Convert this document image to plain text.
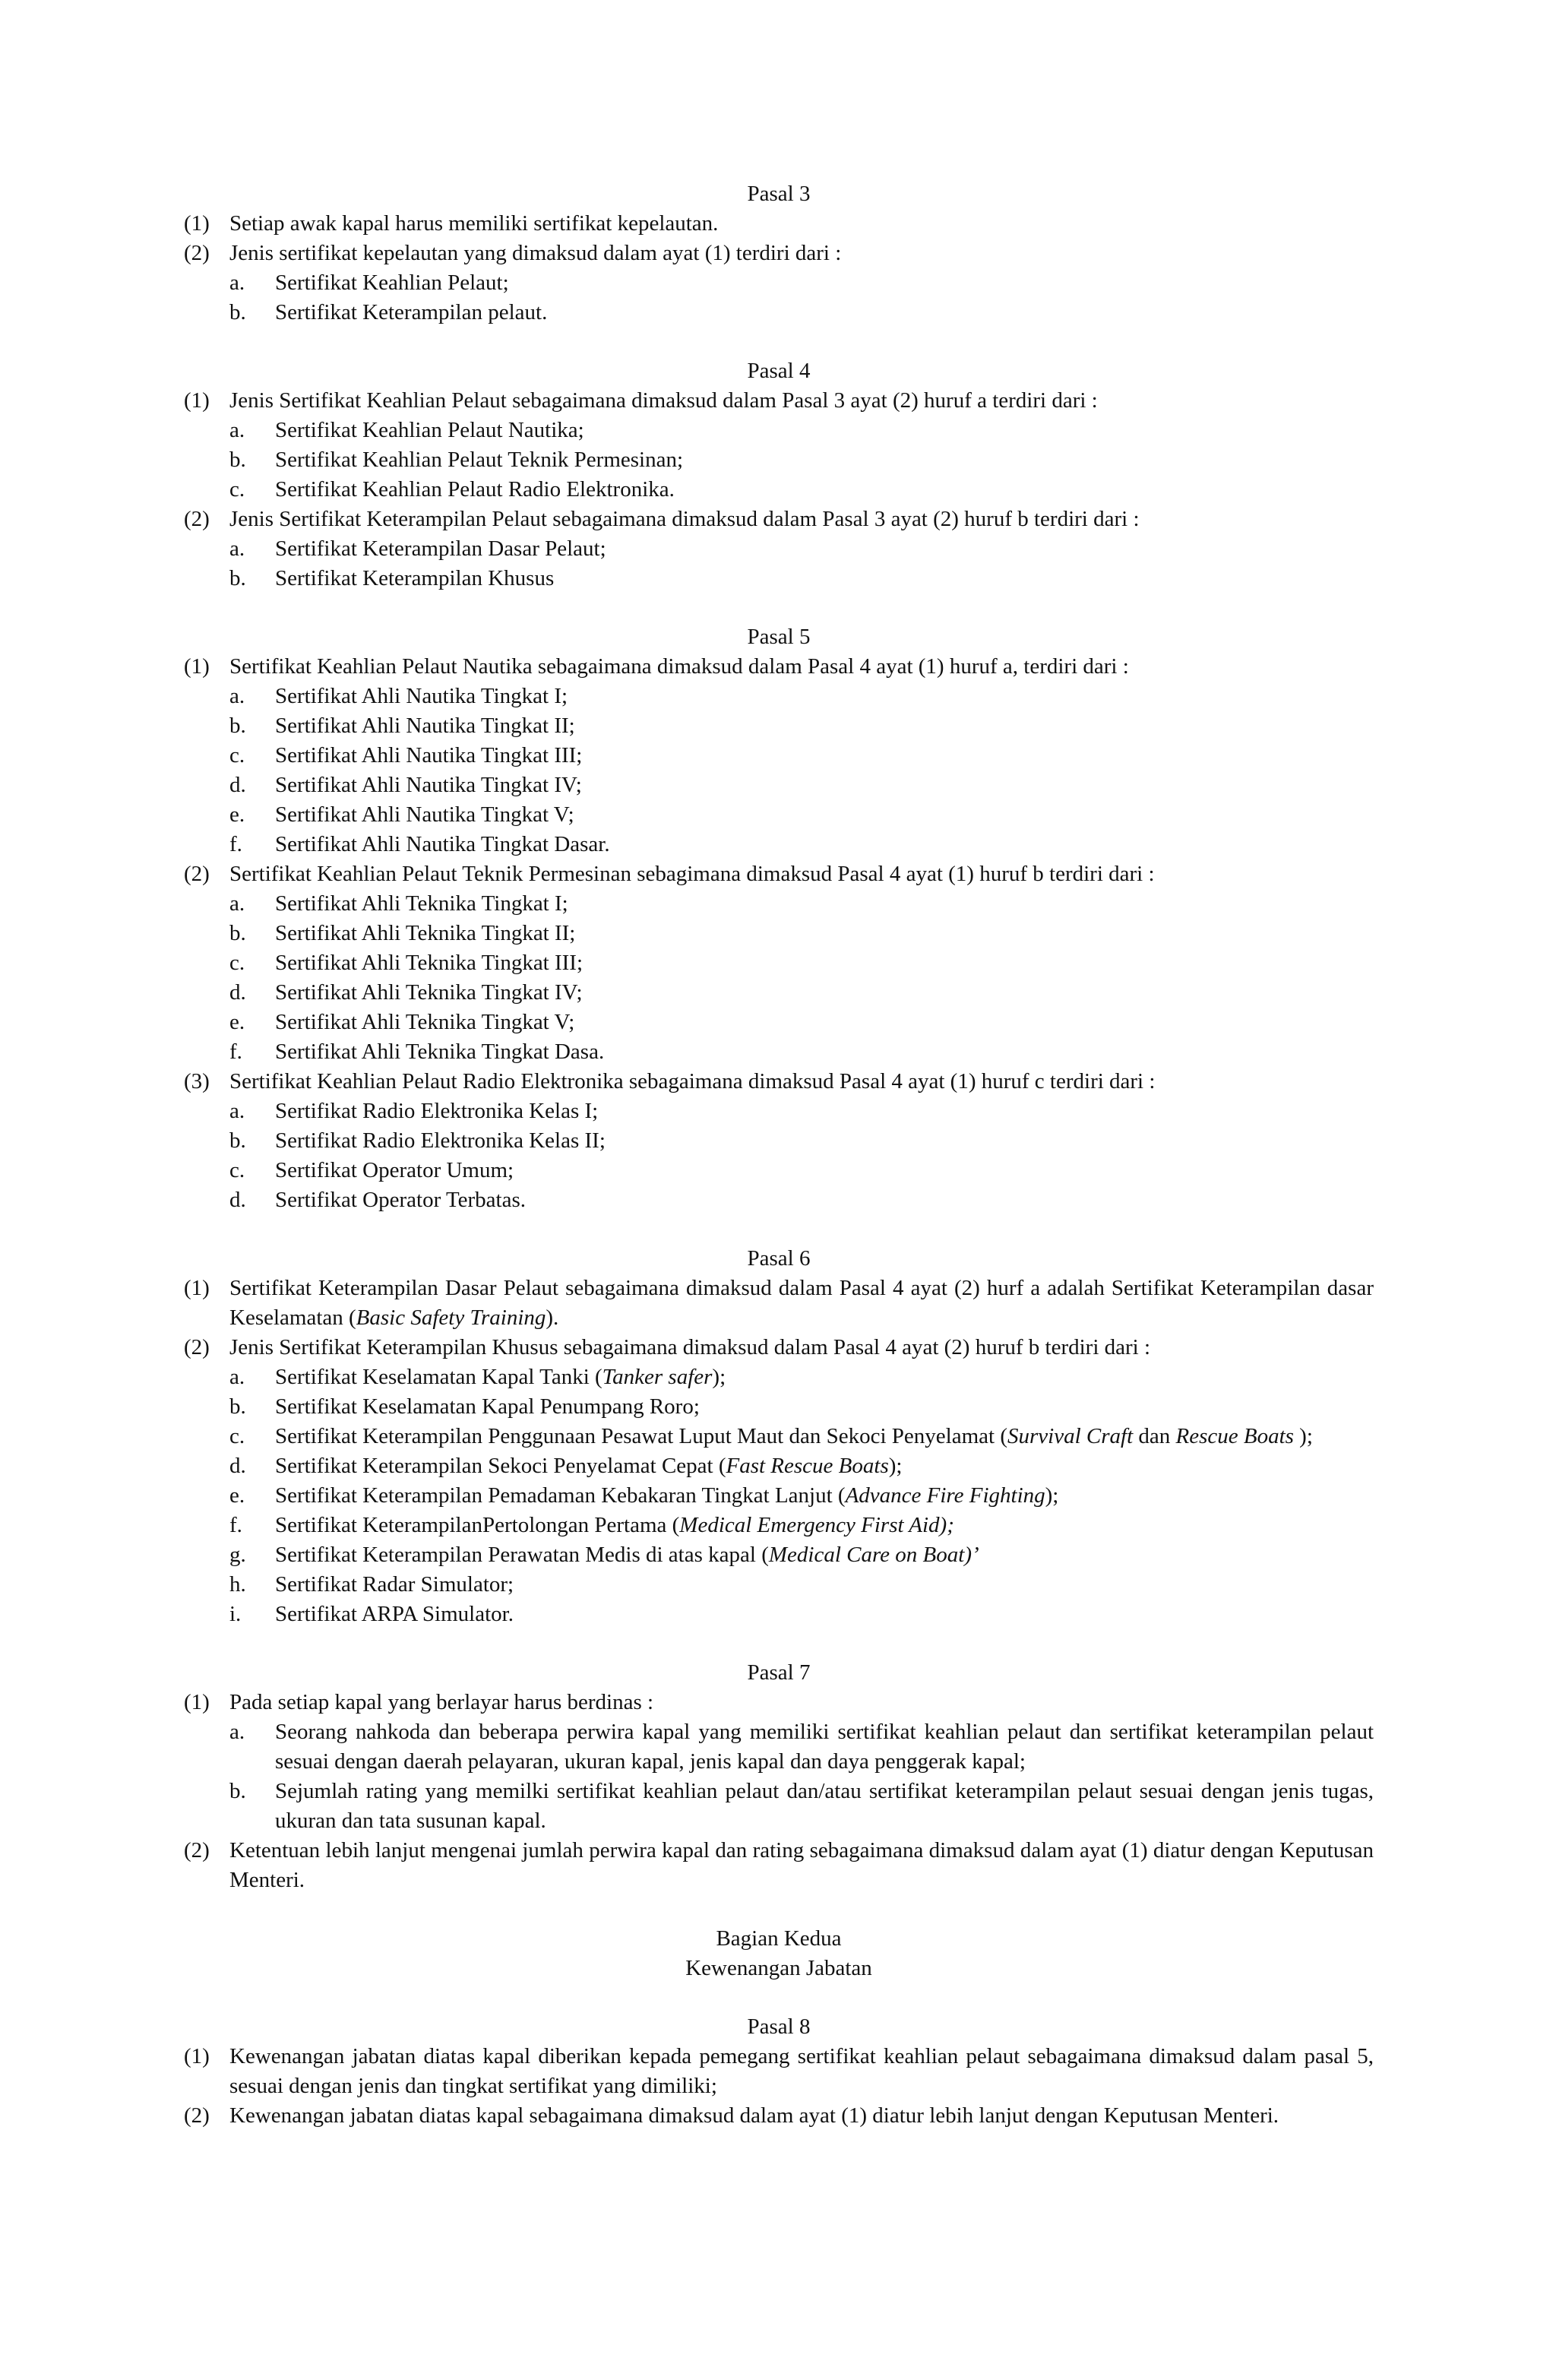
Pasal 3
(1) Setiap awak kapal harus memiliki sertifikat kepelautan.
(2) Jenis sertifikat kepelautan yang dimaksud dalam ayat (1) terdiri dari :
a.	Sertifikat Keahlian Pelaut;
b.	Sertifikat Keterampilan pelaut.
Pasal 4
(1) Jenis Sertifikat Keahlian Pelaut sebagaimana dimaksud dalam Pasal 3 ayat (2) huruf a terdiri dari :
a.	Sertifikat Keahlian Pelaut Nautika;
b.	Sertifikat Keahlian Pelaut Teknik Permesinan;
c.	Sertifikat Keahlian Pelaut Radio Elektronika.
(2) Jenis Sertifikat Keterampilan Pelaut sebagaimana dimaksud dalam Pasal 3 ayat (2) huruf b terdiri dari :
a.	Sertifikat Keterampilan Dasar Pelaut;
b.	Sertifikat Keterampilan Khusus
Pasal 5
(1) Sertifikat Keahlian Pelaut Nautika sebagaimana dimaksud dalam Pasal 4 ayat (1) huruf a, terdiri dari :
a.	Sertifikat Ahli Nautika Tingkat I;
b.	Sertifikat Ahli Nautika Tingkat II;
c.	Sertifikat Ahli Nautika Tingkat III;
d.	Sertifikat Ahli Nautika Tingkat IV;
e.	Sertifikat Ahli Nautika Tingkat V;
f.	Sertifikat Ahli Nautika Tingkat Dasar.
(2) Sertifikat Keahlian Pelaut Teknik Permesinan sebagimana dimaksud Pasal 4 ayat (1) huruf b terdiri dari :
a.	Sertifikat Ahli Teknika Tingkat I;
b.	Sertifikat Ahli Teknika Tingkat II;
c.	Sertifikat Ahli Teknika Tingkat III;
d.	Sertifikat Ahli Teknika Tingkat IV;
e.	Sertifikat Ahli Teknika Tingkat V;
f.	Sertifikat Ahli Teknika Tingkat Dasa.
(3) Sertifikat Keahlian Pelaut Radio Elektronika sebagaimana dimaksud Pasal 4 ayat (1) huruf c terdiri dari :
a.	Sertifikat Radio Elektronika Kelas I;
b.	Sertifikat Radio Elektronika Kelas II;
c.	Sertifikat Operator Umum;
d.	Sertifikat Operator Terbatas.
Pasal 6
(1) Sertifikat Keterampilan Dasar Pelaut sebagaimana dimaksud dalam Pasal 4 ayat (2) hurf a adalah Sertifikat Keterampilan dasar Keselamatan (Basic Safety Training).
(2) Jenis Sertifikat Keterampilan Khusus sebagaimana dimaksud dalam Pasal 4 ayat (2) huruf b terdiri dari :
a.	Sertifikat Keselamatan Kapal Tanki (Tanker safer);
b.	Sertifikat Keselamatan Kapal Penumpang Roro;
c.	Sertifikat Keterampilan Penggunaan Pesawat Luput Maut dan Sekoci Penyelamat (Survival Craft dan Rescue Boats );
d.	Sertifikat Keterampilan Sekoci Penyelamat Cepat (Fast Rescue Boats);
e.	Sertifikat Keterampilan Pemadaman Kebakaran Tingkat Lanjut (Advance Fire Fighting);
f.	Sertifikat KeterampilanPertolongan Pertama (Medical Emergency First Aid);
g.	Sertifikat Keterampilan Perawatan Medis di atas kapal (Medical Care on Boat)’
h.	Sertifikat Radar Simulator;
i.	Sertifikat ARPA Simulator.
Pasal 7
(1) Pada setiap kapal yang berlayar harus berdinas :
a.	Seorang nahkoda dan beberapa perwira kapal yang memiliki sertifikat keahlian pelaut dan sertifikat keterampilan pelaut sesuai dengan daerah pelayaran, ukuran kapal, jenis kapal dan daya penggerak kapal;
b.	Sejumlah rating yang memilki sertifikat keahlian pelaut dan/atau sertifikat keterampilan pelaut sesuai dengan jenis tugas, ukuran dan tata susunan kapal.
(2) Ketentuan lebih lanjut mengenai jumlah perwira kapal dan rating sebagaimana dimaksud dalam ayat (1) diatur dengan Keputusan Menteri.
Bagian Kedua
Kewenangan Jabatan
Pasal 8
(1) Kewenangan jabatan diatas kapal diberikan kepada pemegang sertifikat keahlian pelaut sebagaimana dimaksud dalam pasal 5, sesuai dengan jenis dan tingkat sertifikat yang dimiliki;
(2) Kewenangan jabatan diatas kapal sebagaimana dimaksud dalam ayat (1) diatur lebih lanjut dengan Keputusan Menteri.
